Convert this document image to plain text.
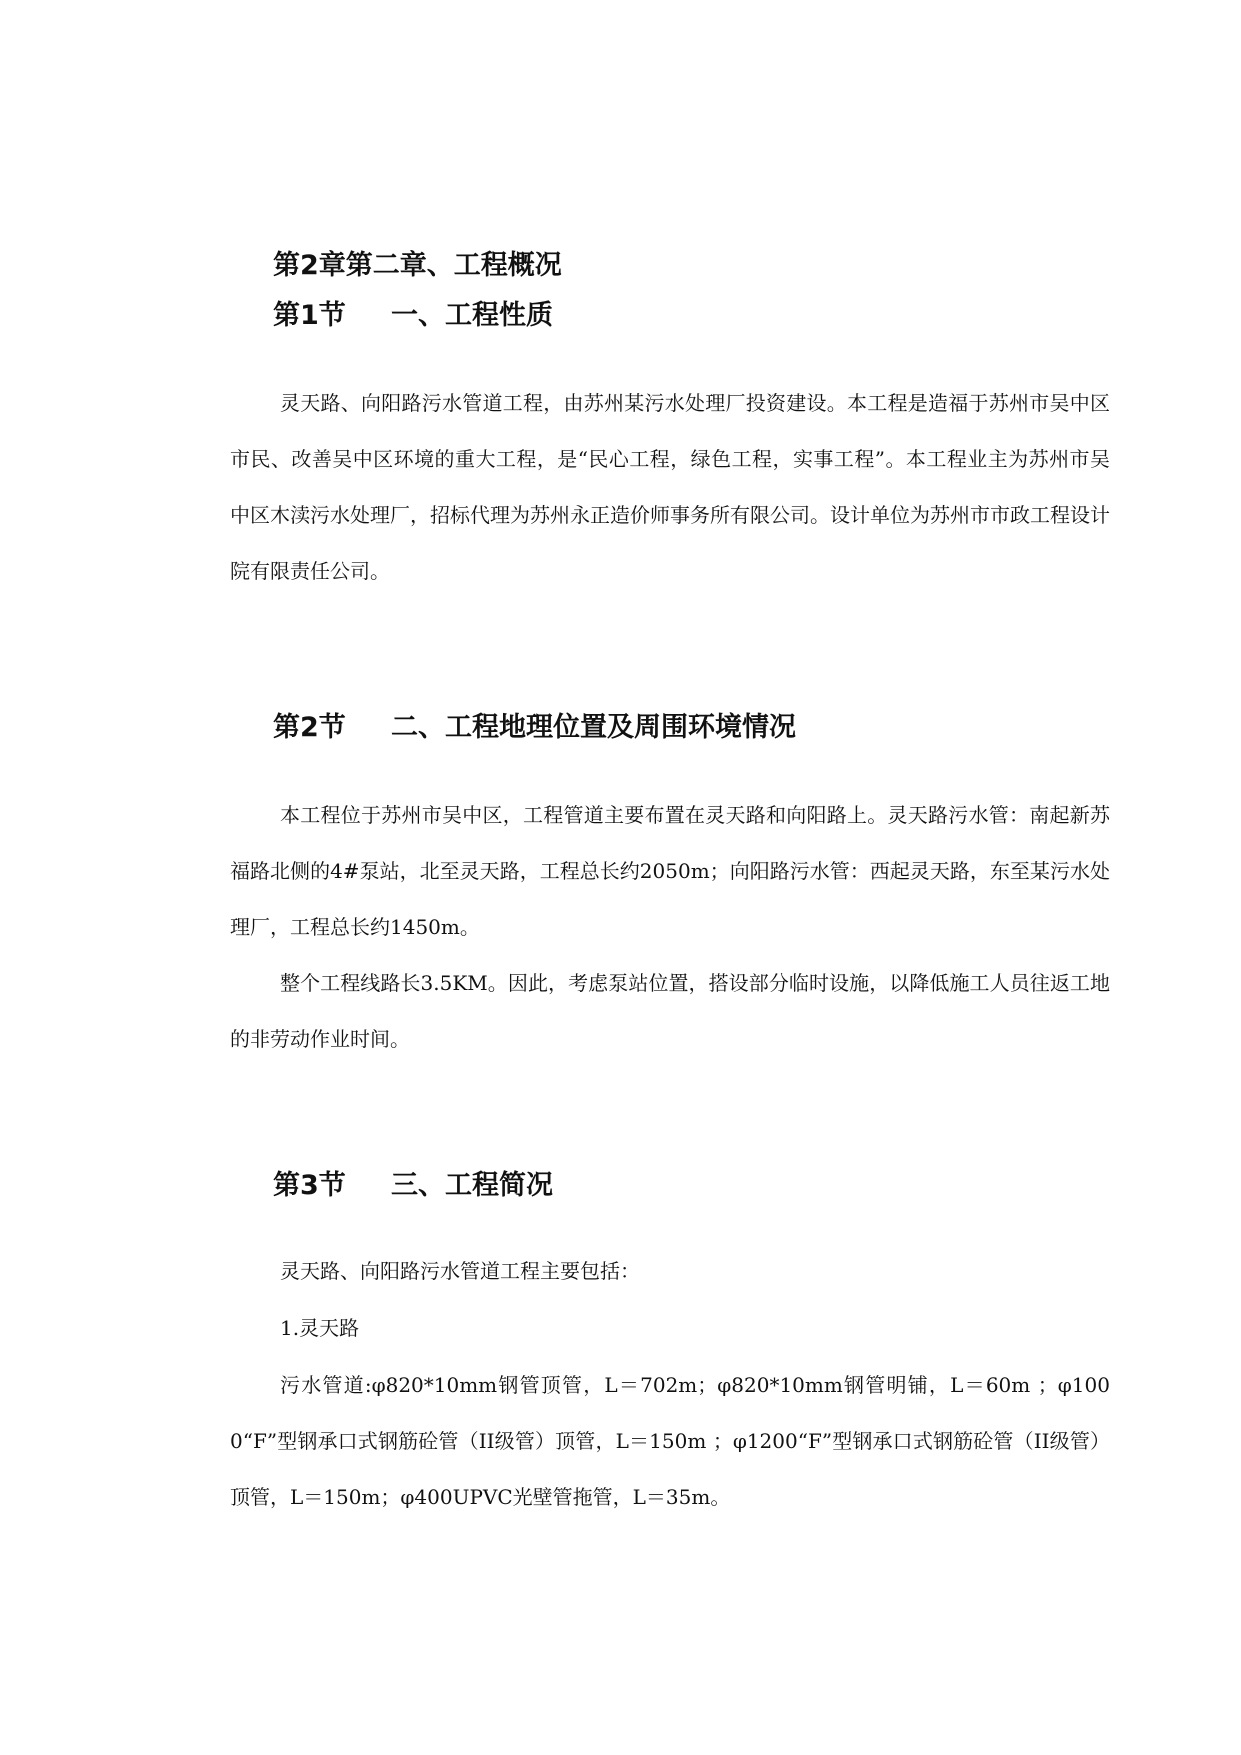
第2章第二章、工程概况
第1节 一、工程性质

灵天路、向阳路污水管道工程，由苏州某污水处理厂投资建设。本工程是造福于苏州市吴中区市民、改善吴中区环境的重大工程，是“民心工程，绿色工程，实事工程”。本工程业主为苏州市吴中区木渎污水处理厂，招标代理为苏州永正造价师事务所有限公司。设计单位为苏州市市政工程设计院有限责任公司。

第2节 二、工程地理位置及周围环境情况

本工程位于苏州市吴中区，工程管道主要布置在灵天路和向阳路上。灵天路污水管：南起新苏福路北侧的4#泵站，北至灵天路，工程总长约2050m；向阳路污水管：西起灵天路，东至某污水处理厂，工程总长约1450m。

整个工程线路长3.5KM。因此，考虑泵站位置，搭设部分临时设施，以降低施工人员往返工地的非劳动作业时间。

第3节 三、工程简况

灵天路、向阳路污水管道工程主要包括：

1.灵天路

污水管道:φ820*10mm钢管顶管，L＝702m；φ820*10mm钢管明铺，L＝60m ；φ1000“F”型钢承口式钢筋砼管（II级管）顶管，L＝150m ；φ1200“F”型钢承口式钢筋砼管（II级管）顶管，L＝150m；φ400UPVC光壁管拖管，L＝35m。
